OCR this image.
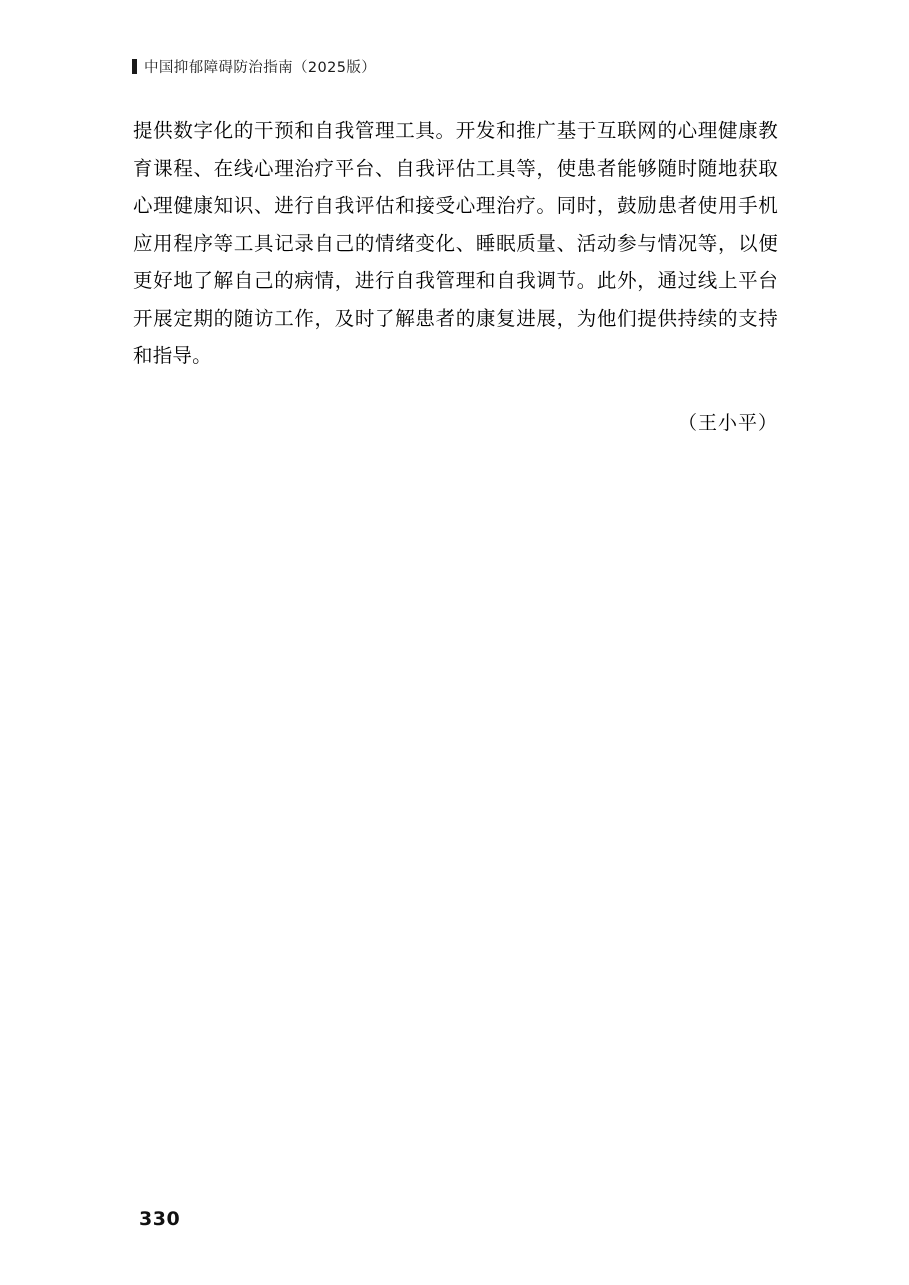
中国抑郁障碍防治指南（2025版）

提供数字化的干预和自我管理工具。开发和推广基于互联网的心理健康教育课程、在线心理治疗平台、自我评估工具等，使患者能够随时随地获取心理健康知识、进行自我评估和接受心理治疗。同时，鼓励患者使用手机应用程序等工具记录自己的情绪变化、睡眠质量、活动参与情况等，以便更好地了解自己的病情，进行自我管理和自我调节。此外，通过线上平台开展定期的随访工作，及时了解患者的康复进展，为他们提供持续的支持和指导。

（王小平）
330
